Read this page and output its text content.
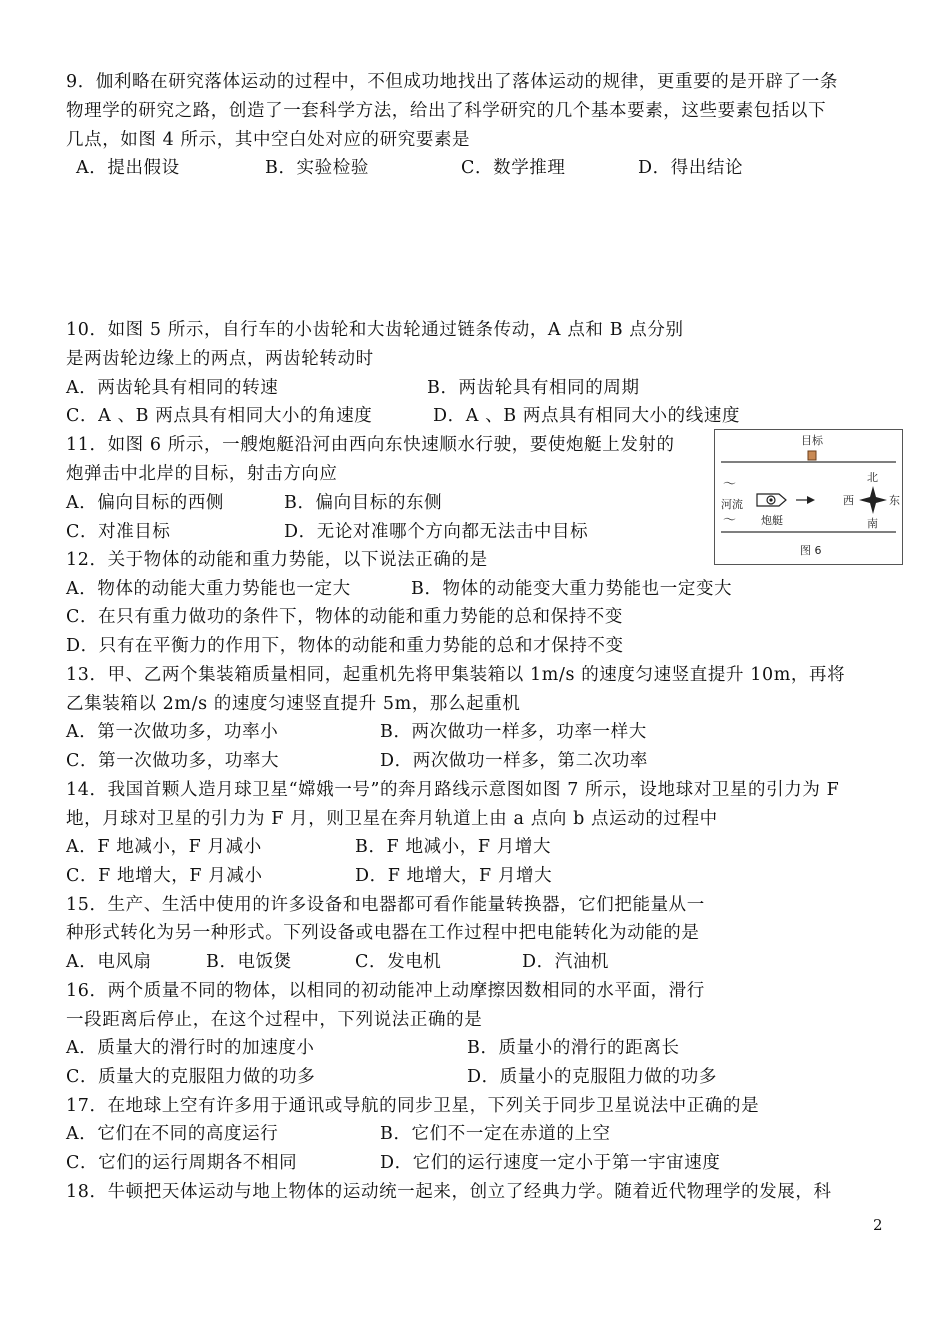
9．伽利略在研究落体运动的过程中，不但成功地找出了落体运动的规律，更重要的是开辟了一条
物理学的研究之路，创造了一套科学方法，给出了科学研究的几个基本要素，这些要素包括以下
几点，如图 4 所示，其中空白处对应的研究要素是
A．提出假设	B．实验检验	C．数学推理	D．得出结论
10．如图 5 所示，自行车的小齿轮和大齿轮通过链条传动，A 点和 B 点分别
是两齿轮边缘上的两点，两齿轮转动时
A．两齿轮具有相同的转速	B．两齿轮具有相同的周期
C．A 、B 两点具有相同大小的角速度	D．A 、B 两点具有相同大小的线速度
11．如图 6 所示，一艘炮艇沿河由西向东快速顺水行驶，要使炮艇上发射的
炮弹击中北岸的目标，射击方向应
A．偏向目标的西侧	B．偏向目标的东侧
C．对准目标	D．无论对准哪个方向都无法击中目标
目标
～
～
河流
炮艇
北
南
西	东
图 6
12．关于物体的动能和重力势能，以下说法正确的是
A．物体的动能大重力势能也一定大	B．物体的动能变大重力势能也一定变大
C．在只有重力做功的条件下，物体的动能和重力势能的总和保持不变
D．只有在平衡力的作用下，物体的动能和重力势能的总和才保持不变
13．甲、乙两个集装箱质量相同，起重机先将甲集装箱以 1m/s 的速度匀速竖直提升 10m，再将
乙集装箱以 2m/s 的速度匀速竖直提升 5m，那么起重机
A．第一次做功多，功率小	B．两次做功一样多，功率一样大
C．第一次做功多，功率大	D．两次做功一样多，第二次功率
14．我国首颗人造月球卫星“嫦娥一号”的奔月路线示意图如图 7 所示，设地球对卫星的引力为 F
地，月球对卫星的引力为 F 月，则卫星在奔月轨道上由 a 点向 b 点运动的过程中
A．F 地减小，F 月减小	B．F 地减小，F 月增大
C．F 地增大，F 月减小	D．F 地增大，F 月增大
15．生产、生活中使用的许多设备和电器都可看作能量转换器，它们把能量从一
种形式转化为另一种形式。下列设备或电器在工作过程中把电能转化为动能的是
A．电风扇	B．电饭煲	C．发电机	D．汽油机
16．两个质量不同的物体，以相同的初动能冲上动摩擦因数相同的水平面，滑行
一段距离后停止，在这个过程中，下列说法正确的是
A．质量大的滑行时的加速度小	B．质量小的滑行的距离长
C．质量大的克服阻力做的功多	D．质量小的克服阻力做的功多
17．在地球上空有许多用于通讯或导航的同步卫星，下列关于同步卫星说法中正确的是
A．它们在不同的高度运行	B．它们不一定在赤道的上空
C．它们的运行周期各不相同	D．它们的运行速度一定小于第一宇宙速度
18．牛顿把天体运动与地上物体的运动统一起来，创立了经典力学。随着近代物理学的发展，科
2
